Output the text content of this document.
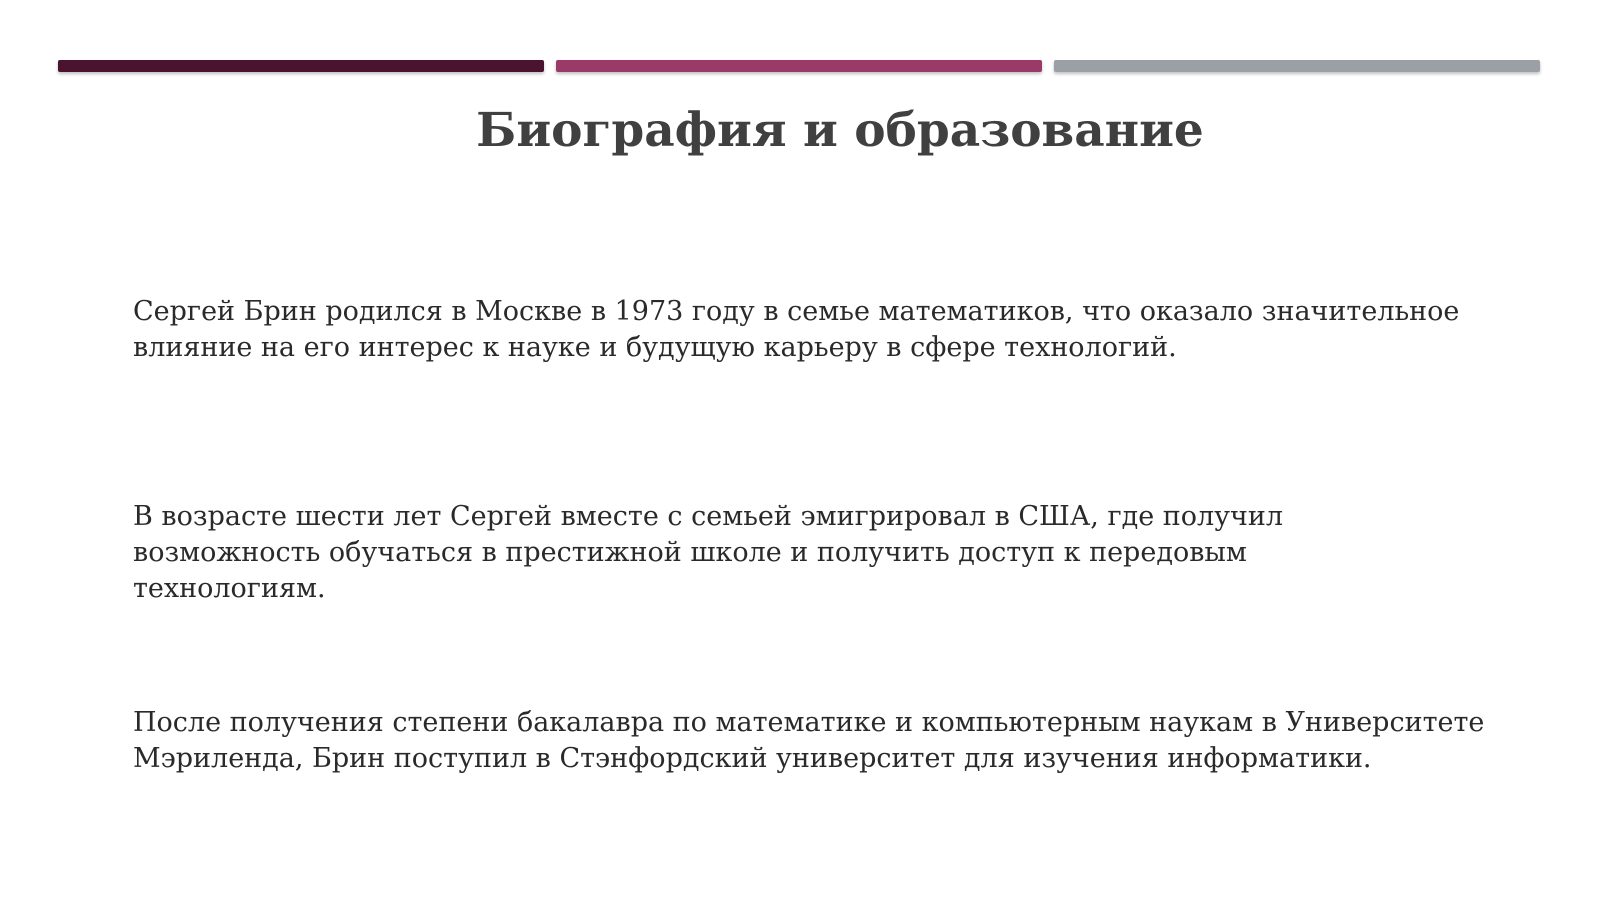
Биография и образование

Сергей Брин родился в Москве в 1973 году в семье математиков, что оказало значительное влияние на его интерес к науке и будущую карьеру в сфере технологий.

В возрасте шести лет Сергей вместе с семьей эмигрировал в США, где получил возможность обучаться в престижной школе и получить доступ к передовым технологиям.

После получения степени бакалавра по математике и компьютерным наукам в Университете Мэриленда, Брин поступил в Стэнфордский университет для изучения информатики.
